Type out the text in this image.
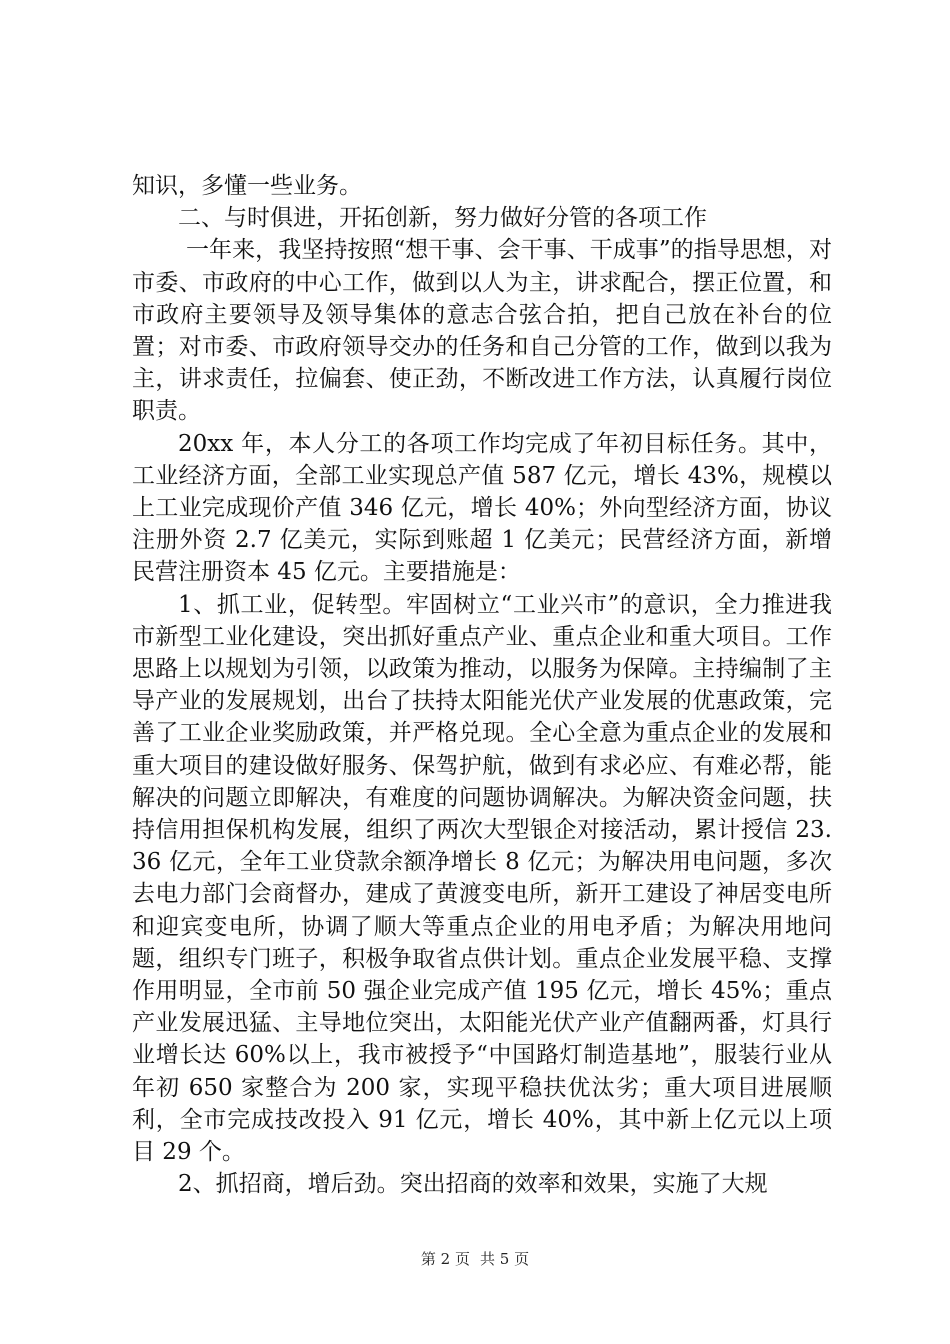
知识，多懂一些业务。

二、与时俱进，开拓创新，努力做好分管的各项工作

一年来，我坚持按照“想干事、会干事、干成事”的指导思想，对市委、市政府的中心工作，做到以人为主，讲求配合，摆正位置，和市政府主要领导及领导集体的意志合弦合拍，把自己放在补台的位置；对市委、市政府领导交办的任务和自己分管的工作，做到以我为主，讲求责任，拉偏套、使正劲，不断改进工作方法，认真履行岗位职责。

20xx 年，本人分工的各项工作均完成了年初目标任务。其中，工业经济方面，全部工业实现总产值 587 亿元，增长 43%，规模以上工业完成现价产值 346 亿元，增长 40%；外向型经济方面，协议注册外资 2.7 亿美元，实际到账超 1 亿美元；民营经济方面，新增民营注册资本 45 亿元。主要措施是：

1、抓工业，促转型。牢固树立“工业兴市”的意识，全力推进我市新型工业化建设，突出抓好重点产业、重点企业和重大项目。工作思路上以规划为引领，以政策为推动，以服务为保障。主持编制了主导产业的发展规划，出台了扶持太阳能光伏产业发展的优惠政策，完善了工业企业奖励政策，并严格兑现。全心全意为重点企业的发展和重大项目的建设做好服务、保驾护航，做到有求必应、有难必帮，能解决的问题立即解决，有难度的问题协调解决。为解决资金问题，扶持信用担保机构发展，组织了两次大型银企对接活动，累计授信 23.36 亿元，全年工业贷款余额净增长 8 亿元；为解决用电问题，多次去电力部门会商督办，建成了黄渡变电所，新开工建设了神居变电所和迎宾变电所，协调了顺大等重点企业的用电矛盾；为解决用地问题，组织专门班子，积极争取省点供计划。重点企业发展平稳、支撑作用明显，全市前 50 强企业完成产值 195 亿元，增长 45%；重点产业发展迅猛、主导地位突出，太阳能光伏产业产值翻两番，灯具行业增长达 60%以上，我市被授予“中国路灯制造基地”，服装行业从年初 650 家整合为 200 家，实现平稳扶优汰劣；重大项目进展顺利，全市完成技改投入 91 亿元，增长 40%，其中新上亿元以上项目 29 个。

2、抓招商，增后劲。突出招商的效率和效果，实施了大规

第 2 页 共 5 页
